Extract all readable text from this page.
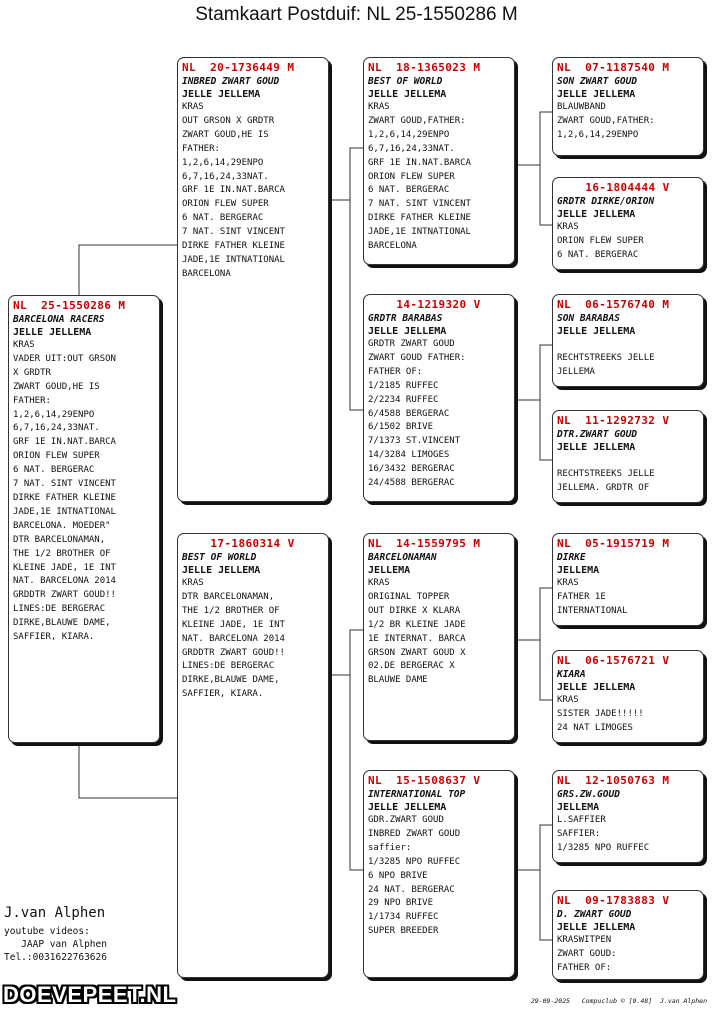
Stamkaart Postduif: NL 25-1550286 M
NL  25-1550286 M
BARCELONA RACERS
JELLE JELLEMA
KRAS
VADER UIT:OUT GRSON
X GRDTR
ZWART GOUD,HE IS
FATHER:
1,2,6,14,29ENPO
6,7,16,24,33NAT.
GRF 1E IN.NAT.BARCA
ORION FLEW SUPER
6 NAT. BERGERAC
7 NAT. SINT VINCENT
DIRKE FATHER KLEINE
JADE,1E INTNATIONAL
BARCELONA. MOEDER"
DTR BARCELONAMAN,
THE 1/2 BROTHER OF
KLEINE JADE, 1E INT
NAT. BARCELONA 2014
GRDDTR ZWART GOUD!!
LINES:DE BERGERAC
DIRKE,BLAUWE DAME,
SAFFIER, KIARA.
NL  20-1736449 M
INBRED ZWART GOUD
JELLE JELLEMA
KRAS
OUT GRSON X GRDTR
ZWART GOUD,HE IS
FATHER:
1,2,6,14,29ENPO
6,7,16,24,33NAT.
GRF 1E IN.NAT.BARCA
ORION FLEW SUPER
6 NAT. BERGERAC
7 NAT. SINT VINCENT
DIRKE FATHER KLEINE
JADE,1E INTNATIONAL
BARCELONA
17-1860314 V
BEST OF WORLD
JELLE JELLEMA
KRAS
DTR BARCELONAMAN,
THE 1/2 BROTHER OF
KLEINE JADE, 1E INT
NAT. BARCELONA 2014
GRDDTR ZWART GOUD!!
LINES:DE BERGERAC
DIRKE,BLAUWE DAME,
SAFFIER, KIARA.
NL  18-1365023 M
BEST OF WORLD
JELLE JELLEMA
KRAS
ZWART GOUD,FATHER:
1,2,6,14,29ENPO
6,7,16,24,33NAT.
GRF 1E IN.NAT.BARCA
ORION FLEW SUPER
6 NAT. BERGERAC
7 NAT. SINT VINCENT
DIRKE FATHER KLEINE
JADE,1E INTNATIONAL
BARCELONA
14-1219320 V
GRDTR BARABAS
JELLE JELLEMA
GRDTR ZWART GOUD
ZWART GOUD FATHER:
FATHER OF:
1/2185 RUFFEC
2/2234 RUFFEC
6/4588 BERGERAC
6/1502 BRIVE
7/1373 ST.VINCENT
14/3284 LIMOGES
16/3432 BERGERAC
24/4588 BERGERAC
NL  14-1559795 M
BARCELONAMAN
JELLEMA
KRAS
ORIGINAL TOPPER
OUT DIRKE X KLARA
1/2 BR KLEINE JADE
1E INTERNAT. BARCA
GRSON ZWART GOUD X
02.DE BERGERAC X
BLAUWE DAME
NL  15-1508637 V
INTERNATIONAL TOP
JELLE JELLEMA
GDR.ZWART GOUD
INBRED ZWART GOUD
saffier:
1/3285 NPO RUFFEC
6 NPO BRIVE
24 NAT. BERGERAC
29 NPO BRIVE
1/1734 RUFFEC
SUPER BREEDER
NL  07-1187540 M
SON ZWART GOUD
JELLE JELLEMA
BLAUWBAND
ZWART GOUD,FATHER:
1,2,6,14,29ENPO
16-1804444 V
GRDTR DIRKE/ORION
JELLE JELLEMA
KRAS
ORION FLEW SUPER
6 NAT. BERGERAC
NL  06-1576740 M
SON BARABAS
JELLE JELLEMA

RECHTSTREEKS JELLE
JELLEMA
NL  11-1292732 V
DTR.ZWART GOUD
JELLE JELLEMA

RECHTSTREEKS JELLE
JELLEMA. GRDTR OF
NL  05-1915719 M
DIRKE
JELLEMA
KRAS
FATHER 1E
INTERNATIONAL
NL  06-1576721 V
KIARA
JELLE JELLEMA
KRAS
SISTER JADE!!!!!
24 NAT LIMOGES
NL  12-1050763 M
GRS.ZW.GOUD
JELLEMA
L.SAFFIER
SAFFIER:
1/3285 NPO RUFFEC
NL  09-1783883 V
D. ZWART GOUD
JELLE JELLEMA
KRASWITPEN
ZWART GOUD:
FATHER OF:
J.van Alphen
youtube videos:
JAAP van Alphen
Tel.:0031622763626
DOEVEPEET.NL	29-09-2025   Compuclub © [9.48]  J.van Alphen
